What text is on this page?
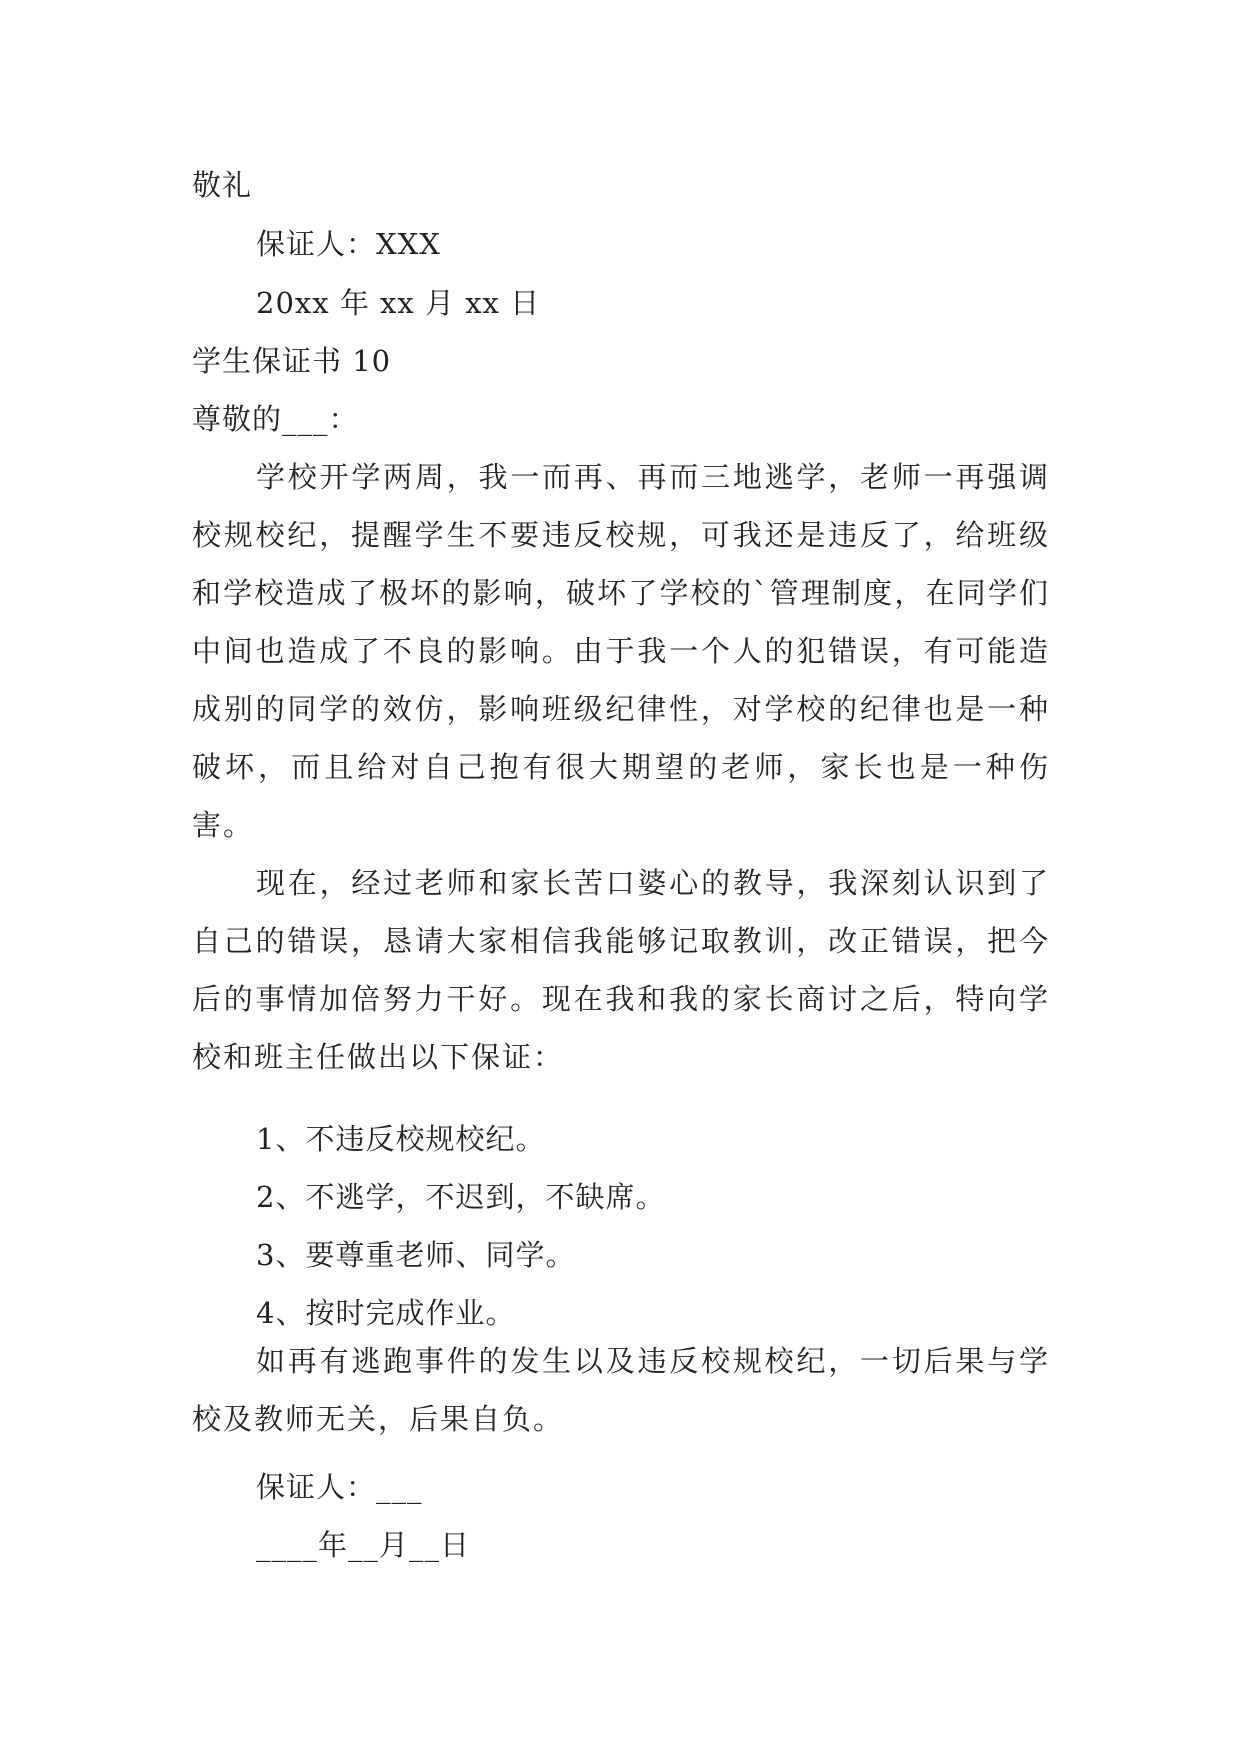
敬礼
保证人：XXX
20xx 年 xx 月 xx 日
学生保证书 10
尊敬的___：
学校开学两周，我一而再、再而三地逃学，老师一再强调校规校纪，提醒学生不要违反校规，可我还是违反了，给班级和学校造成了极坏的影响，破坏了学校的`管理制度，在同学们中间也造成了不良的影响。由于我一个人的犯错误，有可能造成别的同学的效仿，影响班级纪律性，对学校的纪律也是一种破坏，而且给对自己抱有很大期望的老师，家长也是一种伤害。
现在，经过老师和家长苦口婆心的教导，我深刻认识到了自己的错误，恳请大家相信我能够记取教训，改正错误，把今后的事情加倍努力干好。现在我和我的家长商讨之后，特向学校和班主任做出以下保证：
1、不违反校规校纪。
2、不逃学，不迟到，不缺席。
3、要尊重老师、同学。
4、按时完成作业。
如再有逃跑事件的发生以及违反校规校纪，一切后果与学校及教师无关，后果自负。
保证人：___
____年__月__日
